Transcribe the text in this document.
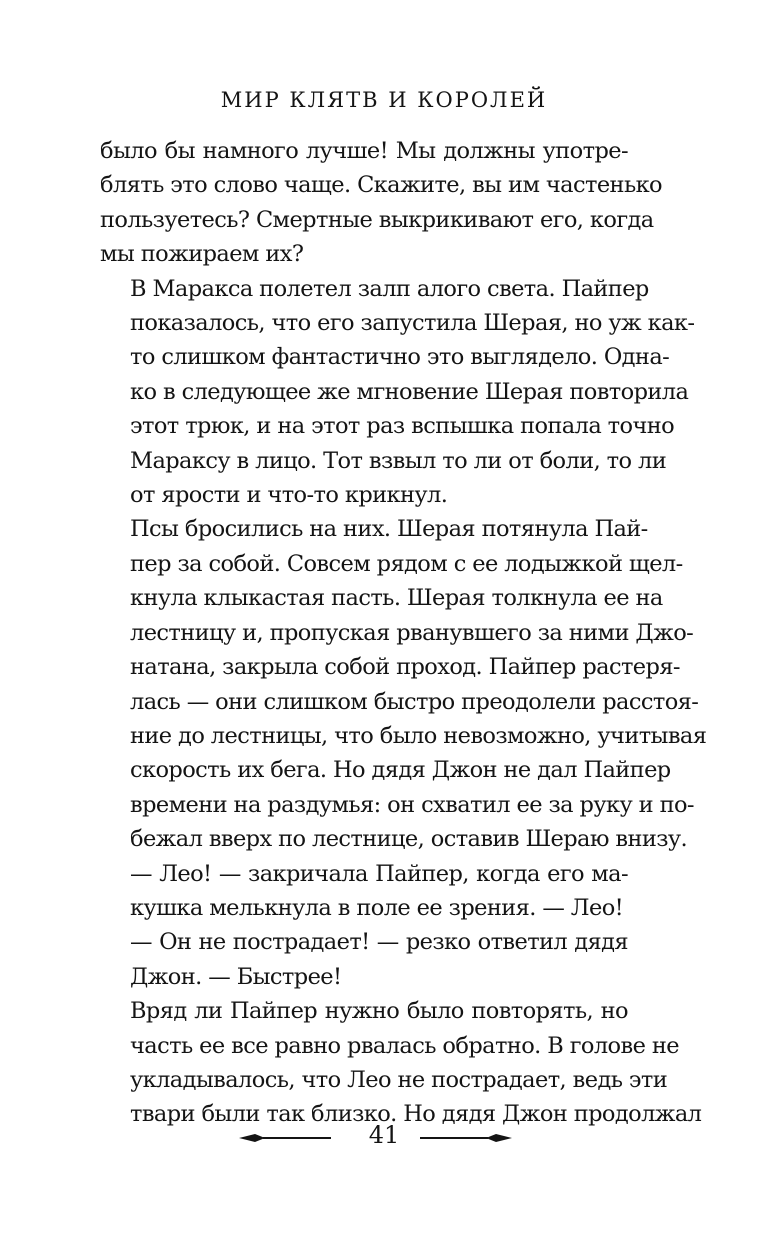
МИР КЛЯТВ И КОРОЛЕЙ
было бы намного лучше! Мы должны употре-
блять это слово чаще. Скажите, вы им частенько
пользуетесь? Смертные выкрикивают его, когда
мы пожираем их?
В Маракса полетел залп алого света. Пайпер
показалось, что его запустила Шерая, но уж как-
то слишком фантастично это выглядело. Одна-
ко в следующее же мгновение Шерая повторила
этот трюк, и на этот раз вспышка попала точно
Мараксу в лицо. Тот взвыл то ли от боли, то ли
от ярости и что-то крикнул.
Псы бросились на них. Шерая потянула Пай-
пер за собой. Совсем рядом с ее лодыжкой щел-
кнула клыкастая пасть. Шерая толкнула ее на
лестницу и, пропуская рванувшего за ними Джо-
натана, закрыла собой проход. Пайпер растеря-
лась — они слишком быстро преодолели расстоя-
ние до лестницы, что было невозможно, учитывая
скорость их бега. Но дядя Джон не дал Пайпер
времени на раздумья: он схватил ее за руку и по-
бежал вверх по лестнице, оставив Шераю внизу.
— Лео! — закричала Пайпер, когда его ма-
кушка мелькнула в поле ее зрения. — Лео!
— Он не пострадает! — резко ответил дядя
Джон. — Быстрее!
Вряд ли Пайпер нужно было повторять, но
часть ее все равно рвалась обратно. В голове не
укладывалось, что Лео не пострадает, ведь эти
твари были так близко. Но дядя Джон продолжал
41
